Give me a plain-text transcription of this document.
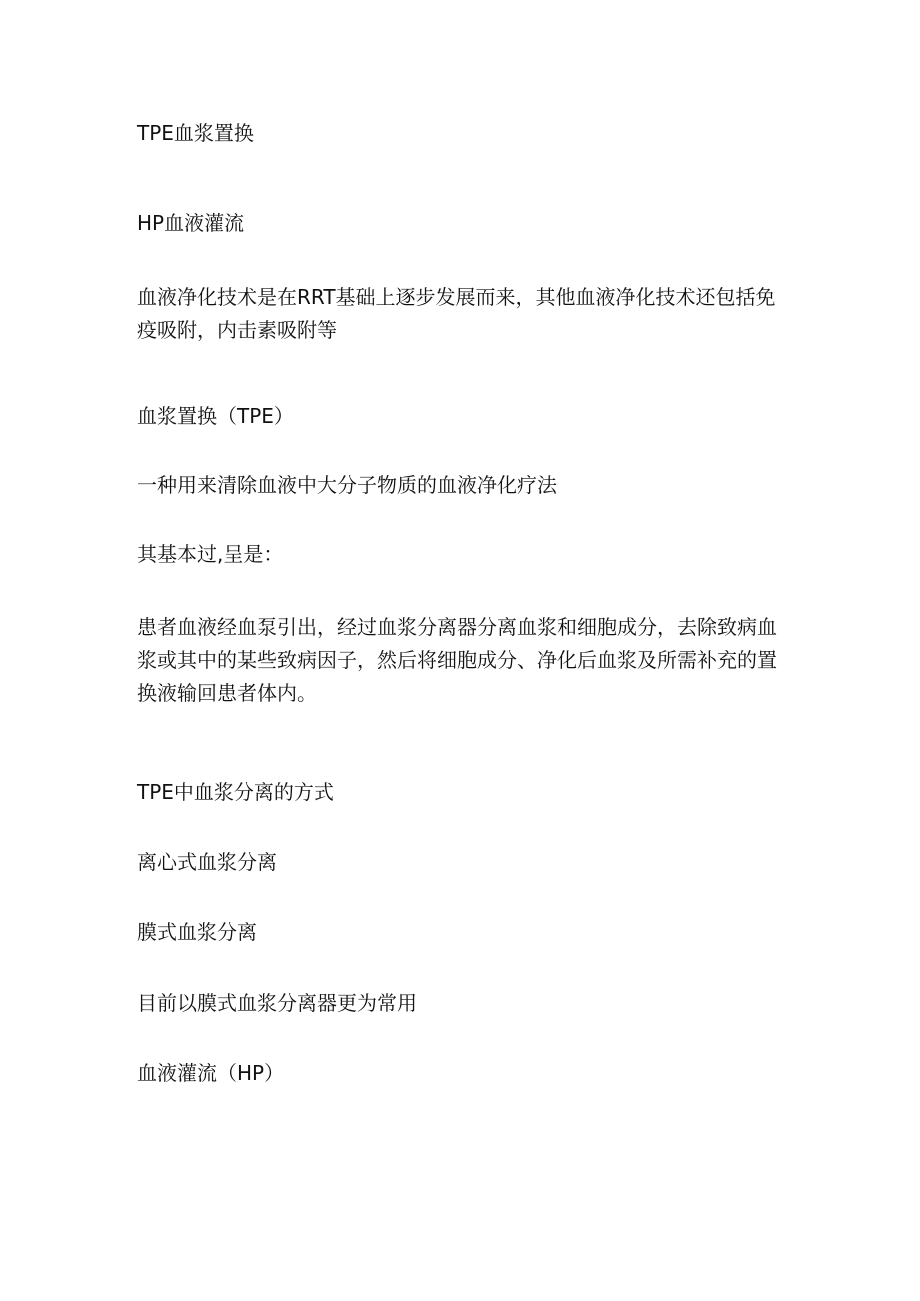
TPE血浆置换
HP血液灌流
血液净化技术是在RRT基础上逐步发展而来，其他血液净化技术还包括免
疫吸附，内击素吸附等
血浆置换（TPE）
一种用来清除血液中大分子物质的血液净化疗法
其基本过,呈是：
患者血液经血泵引出，经过血浆分离器分离血浆和细胞成分，去除致病血
浆或其中的某些致病因子，然后将细胞成分、净化后血浆及所需补充的置
换液输回患者体内。
TPE中血浆分离的方式
离心式血浆分离
膜式血浆分离
目前以膜式血浆分离器更为常用
血液灌流（HP）
